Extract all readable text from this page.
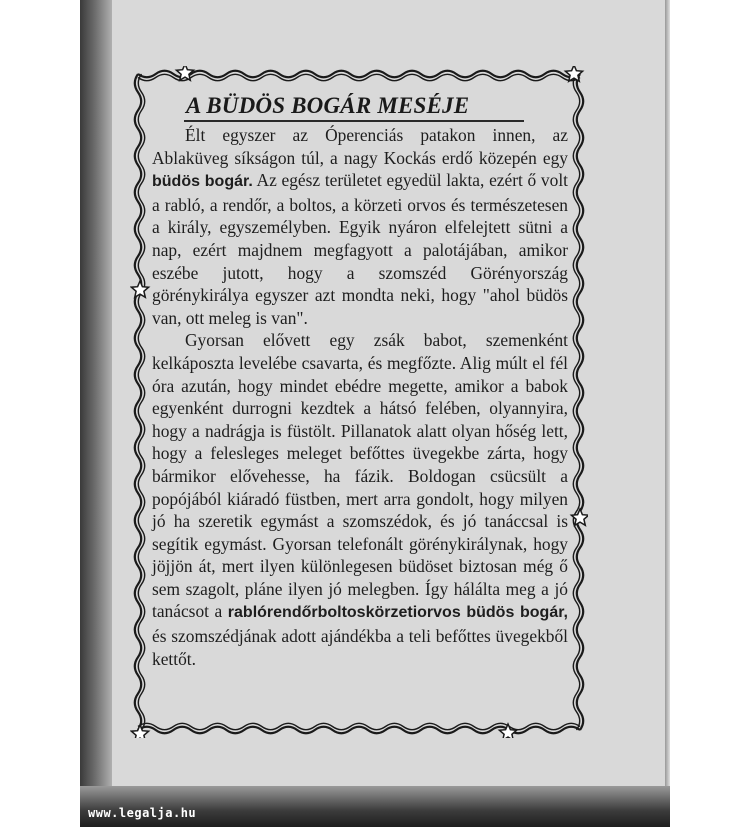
A BÜDÖS BOGÁR MESÉJE

Élt egyszer az Óperenciás patakon innen, az Ablaküveg síkságon túl, a nagy Kockás erdő közepén egy büdös bogár. Az egész területet egyedül lakta, ezért ő volt a rabló, a rendőr, a boltos, a körzeti orvos és természetesen a király, egyszemélyben. Egyik nyáron elfelejtett sütni a nap, ezért majdnem megfagyott a palotájában, amikor eszébe jutott, hogy a szomszéd Görényország görénykirálya egyszer azt mondta neki, hogy "ahol büdös van, ott meleg is van".

Gyorsan elővett egy zsák babot, szemenként kelkáposzta levelébe csavarta, és megfőzte. Alig múlt el fél óra azután, hogy mindet ebédre megette, amikor a babok egyenként durrogni kezdtek a hátsó felében, olyannyira, hogy a nadrágja is füstölt. Pillanatok alatt olyan hőség lett, hogy a felesleges meleget befőttes üvegekbe zárta, hogy bármikor elővehesse, ha fázik. Boldogan csücsült a popójából kiáradó füstben, mert arra gondolt, hogy milyen jó ha szeretik egymást a szomszédok, és jó tanáccsal is segítik egymást. Gyorsan telefonált görénykirálynak, hogy jöjjön át, mert ilyen különlegesen büdöset biztosan még ő sem szagolt, pláne ilyen jó melegben. Így hálálta meg a jó tanácsot a rablórendőrboltoskörzetiorvos büdös bogár, és szomszédjának adott ajándékba a teli befőttes üvegekből kettőt.

www.legalja.hu
